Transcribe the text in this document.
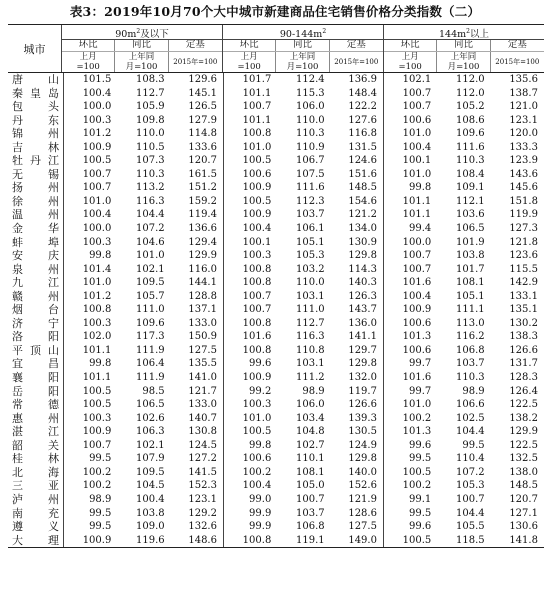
表3：2019年10月70个大中城市新建商品住宅销售价格分类指数（二）
城市
$90m^2$及以下
环比	同比	定基
上月
=100
上年同
月=100	2015年=100
$90-144m^2$
环比	同比	定基
上月
=100
上年同
月=100	2015年=100
$144m^2$以上
环比	同比	定基
上月
=100
上年同
月=100	2015年=100
唐山	101.5	108.3	129.6	101.7	112.4	136.9	102.1	112.0	135.6
秦皇岛	100.4	112.7	145.1	101.1	115.3	148.4	100.7	112.0	138.7
包头	100.0	105.9	126.5	100.7	106.0	122.2	100.7	105.2	121.0
丹东	100.3	109.8	127.9	101.1	110.0	127.6	100.6	108.6	123.1
锦州	101.2	110.0	114.8	100.8	110.3	116.8	101.0	109.6	120.0
吉林	100.9	110.5	133.6	101.0	110.9	131.5	100.4	111.6	133.3
牡丹江	100.5	107.3	120.7	100.5	106.7	124.6	100.1	110.3	123.9
无锡	100.7	110.3	161.5	100.6	107.5	151.6	101.0	108.4	143.6
扬州	100.7	113.2	151.2	100.9	111.6	148.5	99.8	109.1	145.6
徐州	101.0	116.3	159.2	100.5	112.3	154.6	101.1	112.1	151.8
温州	100.4	104.4	119.4	100.9	103.7	121.2	101.1	103.6	119.9
金华	100.0	107.2	136.6	100.4	106.1	134.0	99.4	106.5	127.3
蚌埠	100.3	104.6	129.4	100.1	105.1	130.9	100.0	101.9	121.8
安庆	99.8	101.0	129.9	100.3	105.3	129.8	100.7	103.8	123.6
泉州	101.4	102.1	116.0	100.8	103.2	114.3	100.7	101.7	115.5
九江	101.0	109.5	144.1	100.8	110.0	140.3	101.6	108.1	142.9
赣州	101.2	105.7	128.8	100.7	103.1	126.3	100.4	105.1	133.1
烟台	100.8	111.0	137.1	100.7	111.0	143.7	100.9	111.1	135.1
济宁	100.3	109.6	133.0	100.8	112.7	136.0	100.6	113.0	130.2
洛阳	102.0	117.3	150.9	101.6	116.3	141.1	101.3	116.2	138.3
平顶山	101.1	111.9	127.5	100.8	110.8	129.7	100.6	106.8	126.6
宜昌	99.8	106.4	135.5	99.6	103.1	129.8	99.7	103.7	131.7
襄阳	101.1	111.9	141.0	100.9	111.2	132.0	101.6	110.3	128.3
岳阳	100.5	98.5	121.7	99.2	98.9	119.7	99.7	98.9	126.4
常德	100.5	106.5	133.0	100.3	106.0	126.6	101.0	106.6	122.5
惠州	100.3	102.6	140.7	101.0	103.4	139.3	100.2	102.5	138.2
湛江	100.9	106.3	130.8	100.5	104.8	130.5	101.3	104.4	129.9
韶关	100.7	102.1	124.5	99.8	102.7	124.9	99.6	99.5	122.5
桂林	99.5	107.9	127.2	100.6	110.1	129.8	99.5	110.4	132.5
北海	100.2	109.5	141.5	100.2	108.1	140.0	100.5	107.2	138.0
三亚	100.2	104.5	152.3	100.4	105.0	152.6	100.2	105.3	148.5
泸州	98.9	100.4	123.1	99.0	100.7	121.9	99.1	100.7	120.7
南充	99.5	103.8	129.2	99.9	103.7	128.6	99.5	104.4	127.1
遵义	99.5	109.0	132.6	99.9	106.8	127.5	99.6	105.5	130.6
大理	100.9	119.6	148.6	100.8	119.1	149.0	100.5	118.5	141.8
